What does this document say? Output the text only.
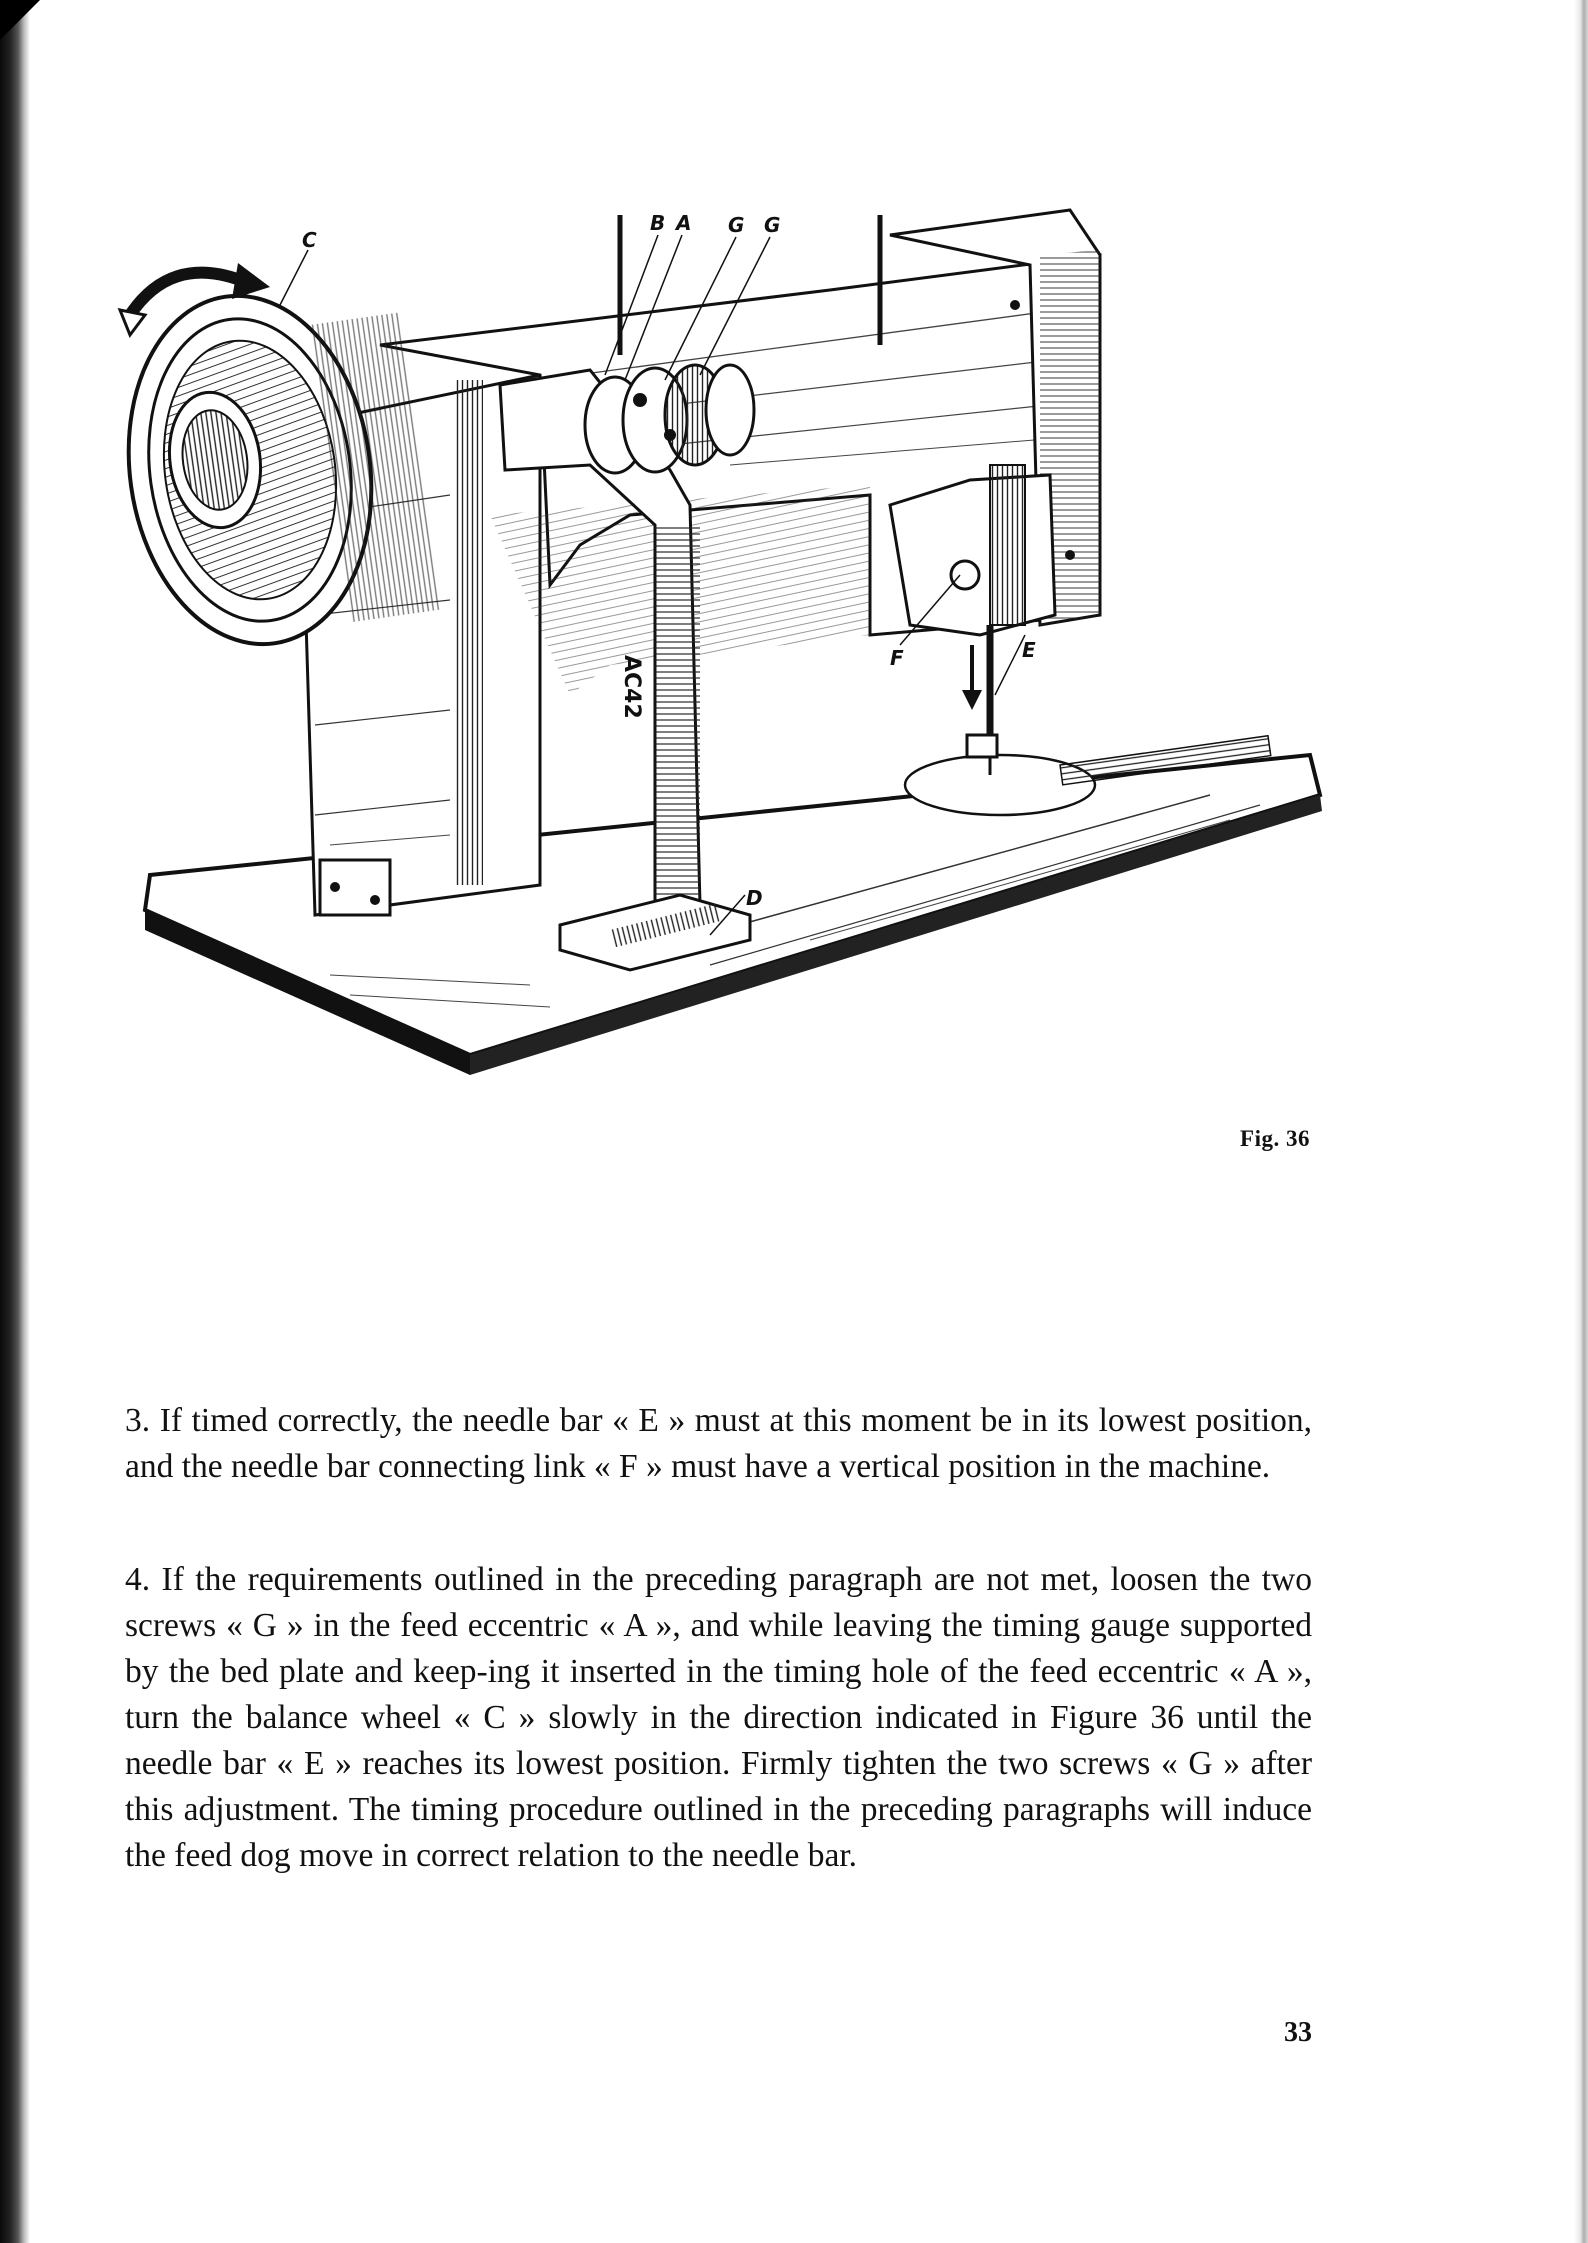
AC42
C
B A G G
F	E
D
Fig. 36

3. If timed correctly, the needle bar « E » must at this moment be in its lowest position, and the needle bar connecting link « F » must have a vertical position in the machine.

4. If the requirements outlined in the preceding paragraph are not met, loosen the two screws « G » in the feed eccentric « A », and while leaving the timing gauge supported by the bed plate and keep-ing it inserted in the timing hole of the feed eccentric « A », turn the balance wheel « C » slowly in the direction indicated in Figure 36 until the needle bar « E » reaches its lowest position. Firmly tighten the two screws « G » after this adjustment. The timing procedure outlined in the preceding paragraphs will induce the feed dog move in correct relation to the needle bar.

33
